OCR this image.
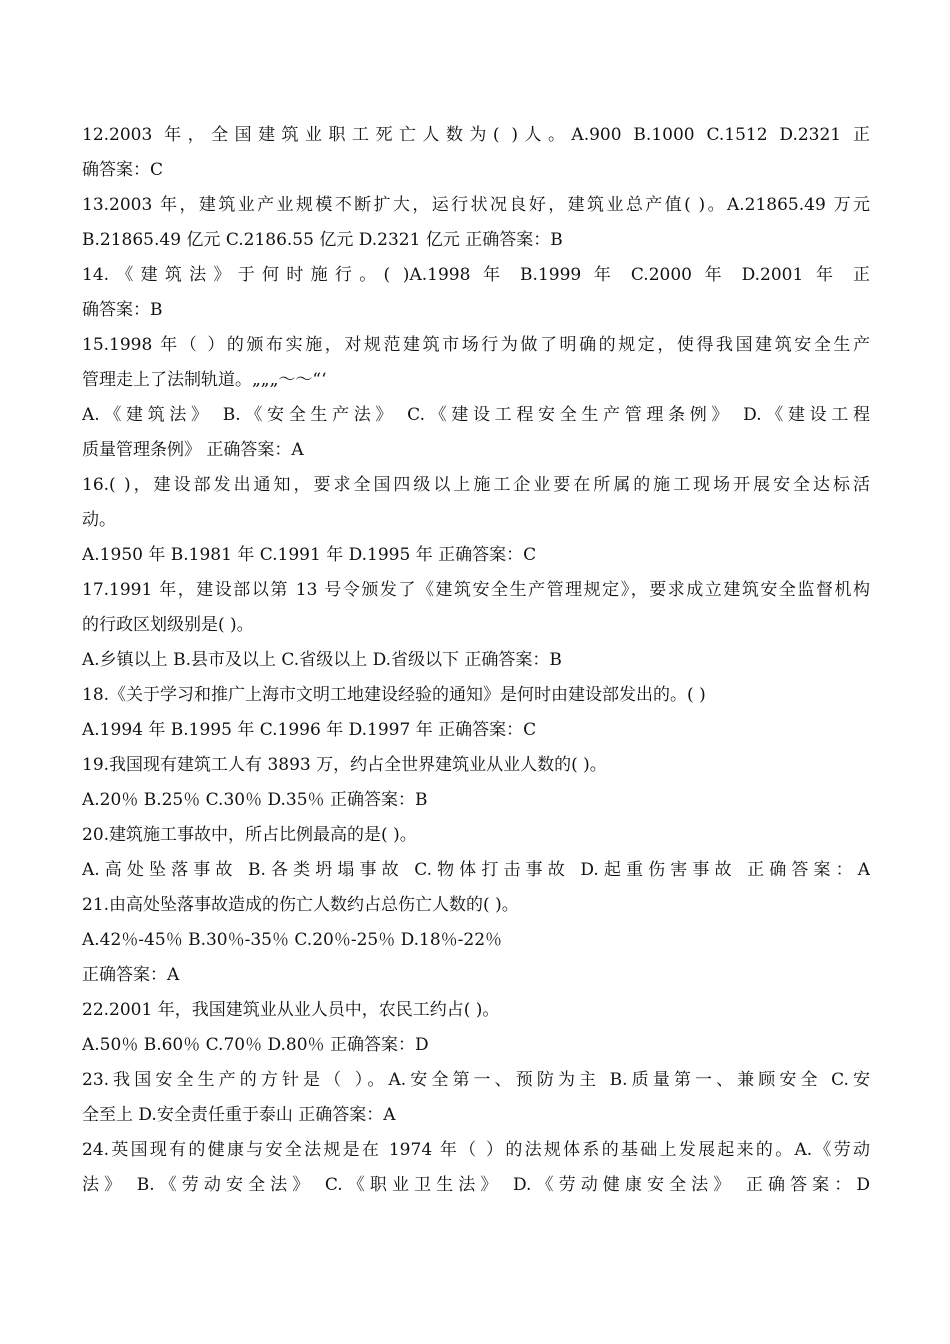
12.2003 年，全国建筑业职工死亡人数为( )人。A.900 B.1000 C.1512 D.2321 正
确答案：C
13.2003 年，建筑业产业规模不断扩大，运行状况良好，建筑业总产值( )。A.21865.49 万元
B.21865.49 亿元 C.2186.55 亿元 D.2321 亿元 正确答案：B
14.《建筑法》于何时施行。( )A.1998 年 B.1999 年 C.2000 年 D.2001 年 正
确答案：B
15.1998 年（ ）的颁布实施，对规范建筑市场行为做了明确的规定，使得我国建筑安全生产
管理走上了法制轨道。„„„～～“‘
A.《建筑法》 B.《安全生产法》 C.《建设工程安全生产管理条例》 D.《建设工程
质量管理条例》 正确答案：A
16.( )，建设部发出通知，要求全国四级以上施工企业要在所属的施工现场开展安全达标活
动。
A.1950 年 B.1981 年 C.1991 年 D.1995 年 正确答案：C
17.1991 年，建设部以第 13 号令颁发了《建筑安全生产管理规定》，要求成立建筑安全监督机构
的行政区划级别是( )。
A.乡镇以上 B.县市及以上 C.省级以上 D.省级以下 正确答案：B
18.《关于学习和推广上海市文明工地建设经验的通知》是何时由建设部发出的。( )
A.1994 年 B.1995 年 C.1996 年 D.1997 年 正确答案：C
19.我国现有建筑工人有 3893 万，约占全世界建筑业从业人数的( )。
A.20％ B.25％ C.30％ D.35％ 正确答案：B
20.建筑施工事故中，所占比例最高的是( )。
A.高处坠落事故 B.各类坍塌事故 C.物体打击事故 D.起重伤害事故 正确答案：A
21.由高处坠落事故造成的伤亡人数约占总伤亡人数的( )。
A.42％-45％ B.30％-35％ C.20％-25％ D.18％-22％
正确答案：A
22.2001 年，我国建筑业从业人员中，农民工约占( )。
A.50％ B.60％ C.70％ D.80％ 正确答案：D
23.我国安全生产的方针是（ ）。A.安全第一、预防为主 B.质量第一、兼顾安全 C.安
全至上 D.安全责任重于泰山 正确答案：A
24.英国现有的健康与安全法规是在 1974 年（ ）的法规体系的基础上发展起来的。A.《劳动
法》 B.《劳动安全法》 C.《职业卫生法》 D.《劳动健康安全法》 正确答案：D
